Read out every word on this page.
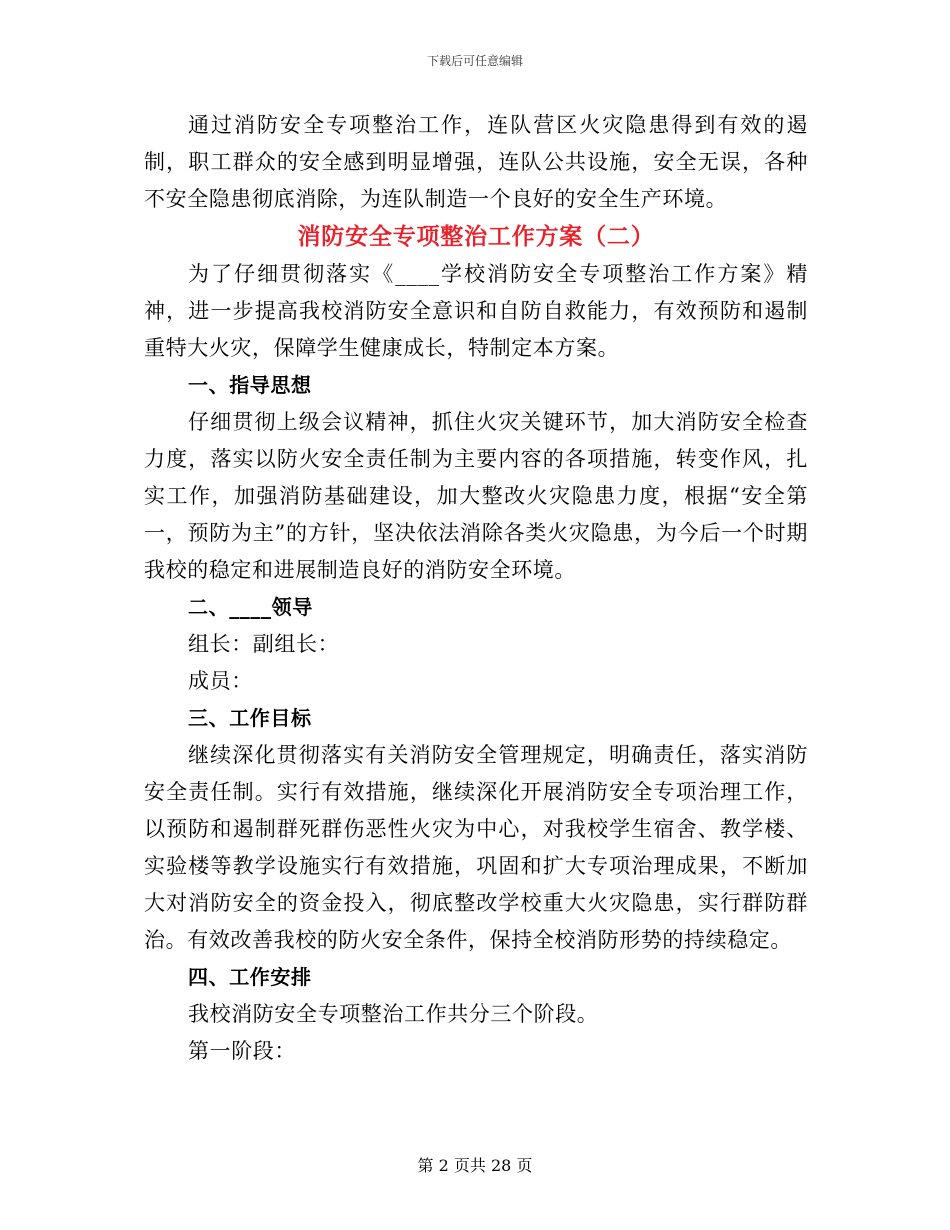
下载后可任意编辑

通过消防安全专项整治工作，连队营区火灾隐患得到有效的遏制，职工群众的安全感到明显增强，连队公共设施，安全无误，各种不安全隐患彻底消除，为连队制造一个良好的安全生产环境。

消防安全专项整治工作方案（二）

为了仔细贯彻落实《____学校消防安全专项整治工作方案》精神，进一步提高我校消防安全意识和自防自救能力，有效预防和遏制重特大火灾，保障学生健康成长，特制定本方案。

一、指导思想

仔细贯彻上级会议精神，抓住火灾关键环节，加大消防安全检查力度，落实以防火安全责任制为主要内容的各项措施，转变作风，扎实工作，加强消防基础建设，加大整改火灾隐患力度，根据“安全第一，预防为主”的方针，坚决依法消除各类火灾隐患，为今后一个时期我校的稳定和进展制造良好的消防安全环境。

二、____领导

组长：副组长：

成员：

三、工作目标

继续深化贯彻落实有关消防安全管理规定，明确责任，落实消防安全责任制。实行有效措施，继续深化开展消防安全专项治理工作，以预防和遏制群死群伤恶性火灾为中心，对我校学生宿舍、教学楼、实验楼等教学设施实行有效措施，巩固和扩大专项治理成果，不断加大对消防安全的资金投入，彻底整改学校重大火灾隐患，实行群防群治。有效改善我校的防火安全条件，保持全校消防形势的持续稳定。

四、工作安排

我校消防安全专项整治工作共分三个阶段。

第一阶段：

第 2 页共 28 页
